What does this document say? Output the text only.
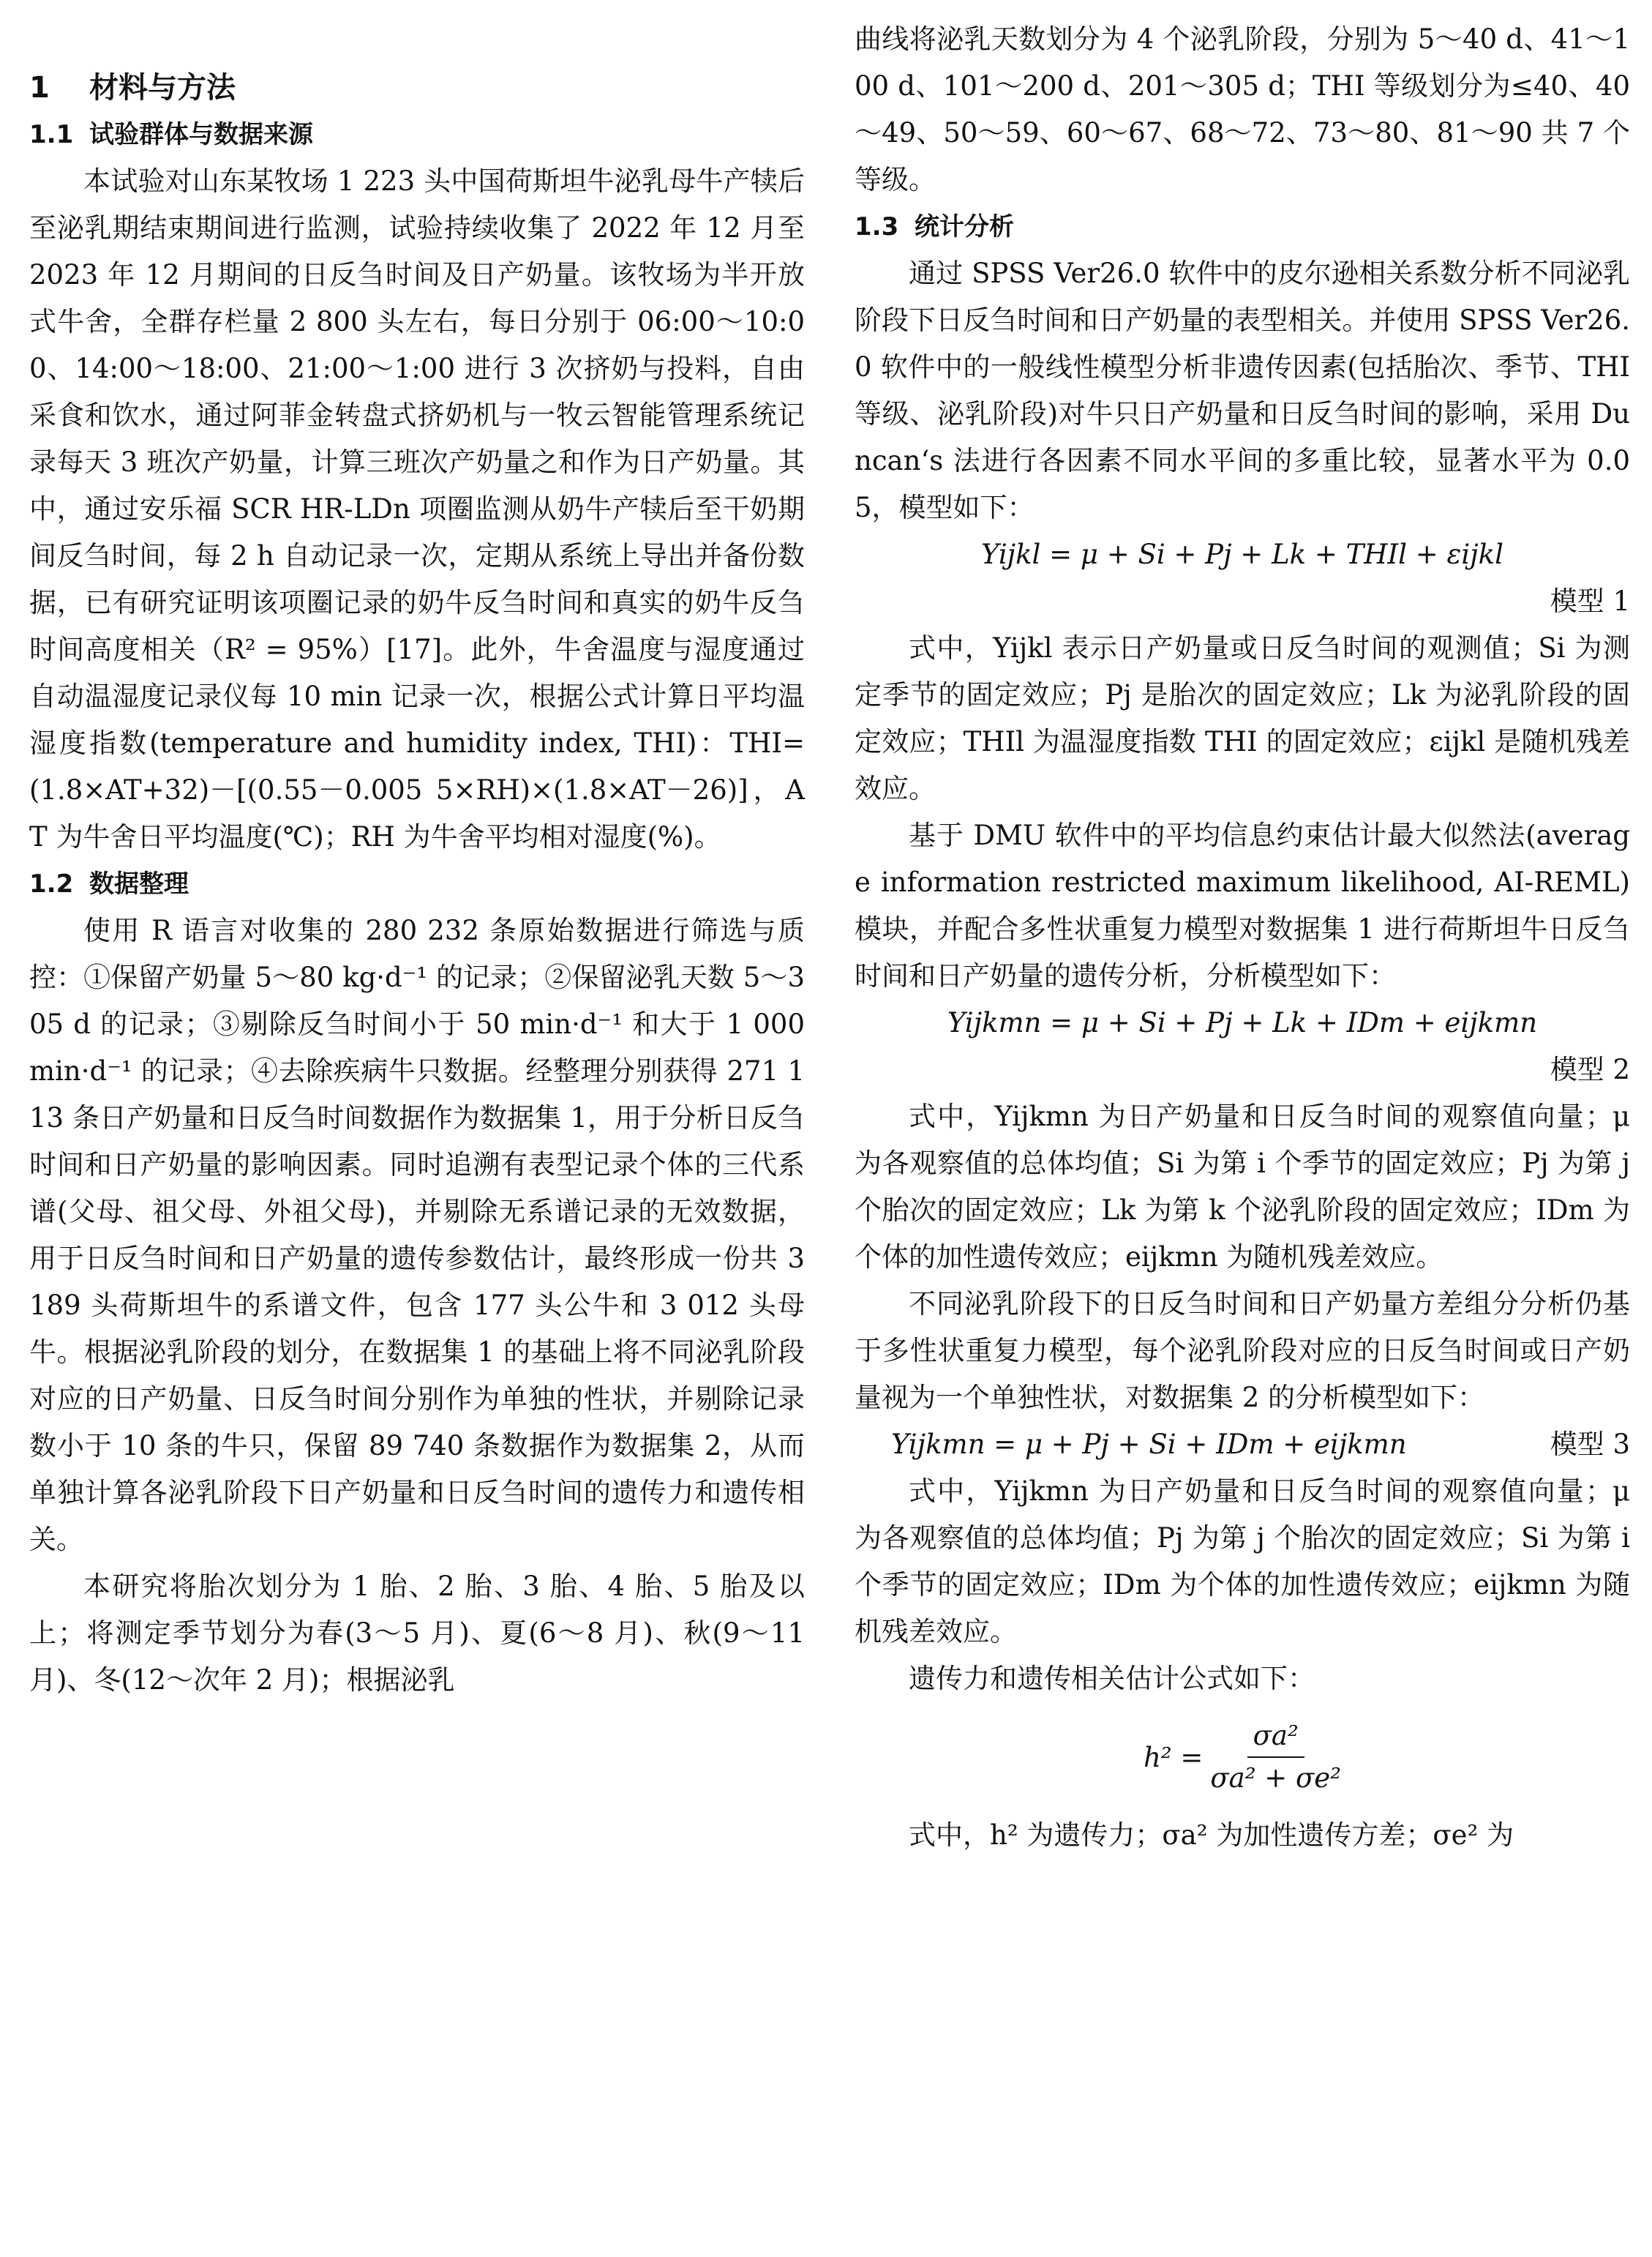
1 材料与方法
1.1 试验群体与数据来源

本试验对山东某牧场 1 223 头中国荷斯坦牛泌乳母牛产犊后至泌乳期结束期间进行监测，试验持续收集了 2022 年 12 月至 2023 年 12 月期间的日反刍时间及日产奶量。该牧场为半开放式牛舍，全群存栏量 2 800 头左右，每日分别于 06:00～10:00、14:00～18:00、21:00～1:00 进行 3 次挤奶与投料，自由采食和饮水，通过阿菲金转盘式挤奶机与一牧云智能管理系统记录每天 3 班次产奶量，计算三班次产奶量之和作为日产奶量。其中，通过安乐福 SCR HR-LDn 项圈监测从奶牛产犊后至干奶期间反刍时间，每 2 h 自动记录一次，定期从系统上导出并备份数据，已有研究证明该项圈记录的奶牛反刍时间和真实的奶牛反刍时间高度相关（R² = 95%）[17]。此外，牛舍温度与湿度通过自动温湿度记录仪每 10 min 记录一次，根据公式计算日平均温湿度指数(temperature and humidity index, THI)：THI=(1.8×AT+32)－[(0.55－0.005 5×RH)×(1.8×AT－26)]，AT 为牛舍日平均温度(℃)；RH 为牛舍平均相对湿度(%)。

1.2 数据整理

使用 R 语言对收集的 280 232 条原始数据进行筛选与质控：①保留产奶量 5～80 kg·d⁻¹ 的记录；②保留泌乳天数 5～305 d 的记录；③剔除反刍时间小于 50 min·d⁻¹ 和大于 1 000 min·d⁻¹ 的记录；④去除疾病牛只数据。经整理分别获得 271 113 条日产奶量和日反刍时间数据作为数据集 1，用于分析日反刍时间和日产奶量的影响因素。同时追溯有表型记录个体的三代系谱(父母、祖父母、外祖父母)，并剔除无系谱记录的无效数据，用于日反刍时间和日产奶量的遗传参数估计，最终形成一份共 3 189 头荷斯坦牛的系谱文件，包含 177 头公牛和 3 012 头母牛。根据泌乳阶段的划分，在数据集 1 的基础上将不同泌乳阶段对应的日产奶量、日反刍时间分别作为单独的性状，并剔除记录数小于 10 条的牛只，保留 89 740 条数据作为数据集 2，从而单独计算各泌乳阶段下日产奶量和日反刍时间的遗传力和遗传相关。

本研究将胎次划分为 1 胎、2 胎、3 胎、4 胎、5 胎及以上；将测定季节划分为春(3～5 月)、夏(6～8 月)、秋(9～11 月)、冬(12～次年 2 月)；根据泌乳

曲线将泌乳天数划分为 4 个泌乳阶段，分别为 5～40 d、41～100 d、101～200 d、201～305 d；THI 等级划分为≤40、40～49、50～59、60～67、68～72、73～80、81～90 共 7 个等级。

1.3 统计分析

通过 SPSS Ver26.0 软件中的皮尔逊相关系数分析不同泌乳阶段下日反刍时间和日产奶量的表型相关。并使用 SPSS Ver26.0 软件中的一般线性模型分析非遗传因素(包括胎次、季节、THI 等级、泌乳阶段)对牛只日产奶量和日反刍时间的影响，采用 Duncan‘s 法进行各因素不同水平间的多重比较，显著水平为 0.05，模型如下：

Yijkl = μ + Si + Pj + Lk + THIl + εijkl
模型 1

式中，Yijkl 表示日产奶量或日反刍时间的观测值；Si 为测定季节的固定效应；Pj 是胎次的固定效应；Lk 为泌乳阶段的固定效应；THIl 为温湿度指数 THI 的固定效应；εijkl 是随机残差效应。

基于 DMU 软件中的平均信息约束估计最大似然法(average information restricted maximum likelihood, AI-REML)模块，并配合多性状重复力模型对数据集 1 进行荷斯坦牛日反刍时间和日产奶量的遗传分析，分析模型如下：

Yijkmn = μ + Si + Pj + Lk + IDm + eijkmn
模型 2

式中，Yijkmn 为日产奶量和日反刍时间的观察值向量；μ 为各观察值的总体均值；Si 为第 i 个季节的固定效应；Pj 为第 j 个胎次的固定效应；Lk 为第 k 个泌乳阶段的固定效应；IDm 为个体的加性遗传效应；eijkmn 为随机残差效应。

不同泌乳阶段下的日反刍时间和日产奶量方差组分分析仍基于多性状重复力模型，每个泌乳阶段对应的日反刍时间或日产奶量视为一个单独性状，对数据集 2 的分析模型如下：

Yijkmn = μ + Pj + Si + IDm + eijkmn	模型 3

式中，Yijkmn 为日产奶量和日反刍时间的观察值向量；μ 为各观察值的总体均值；Pj 为第 j 个胎次的固定效应；Si 为第 i 个季节的固定效应；IDm 为个体的加性遗传效应；eijkmn 为随机残差效应。

遗传力和遗传相关估计公式如下：

$h^2 = \frac{\text{σa²}}{\text{σa² + σe²}}$

式中，h² 为遗传力；σa² 为加性遗传方差；σe² 为
